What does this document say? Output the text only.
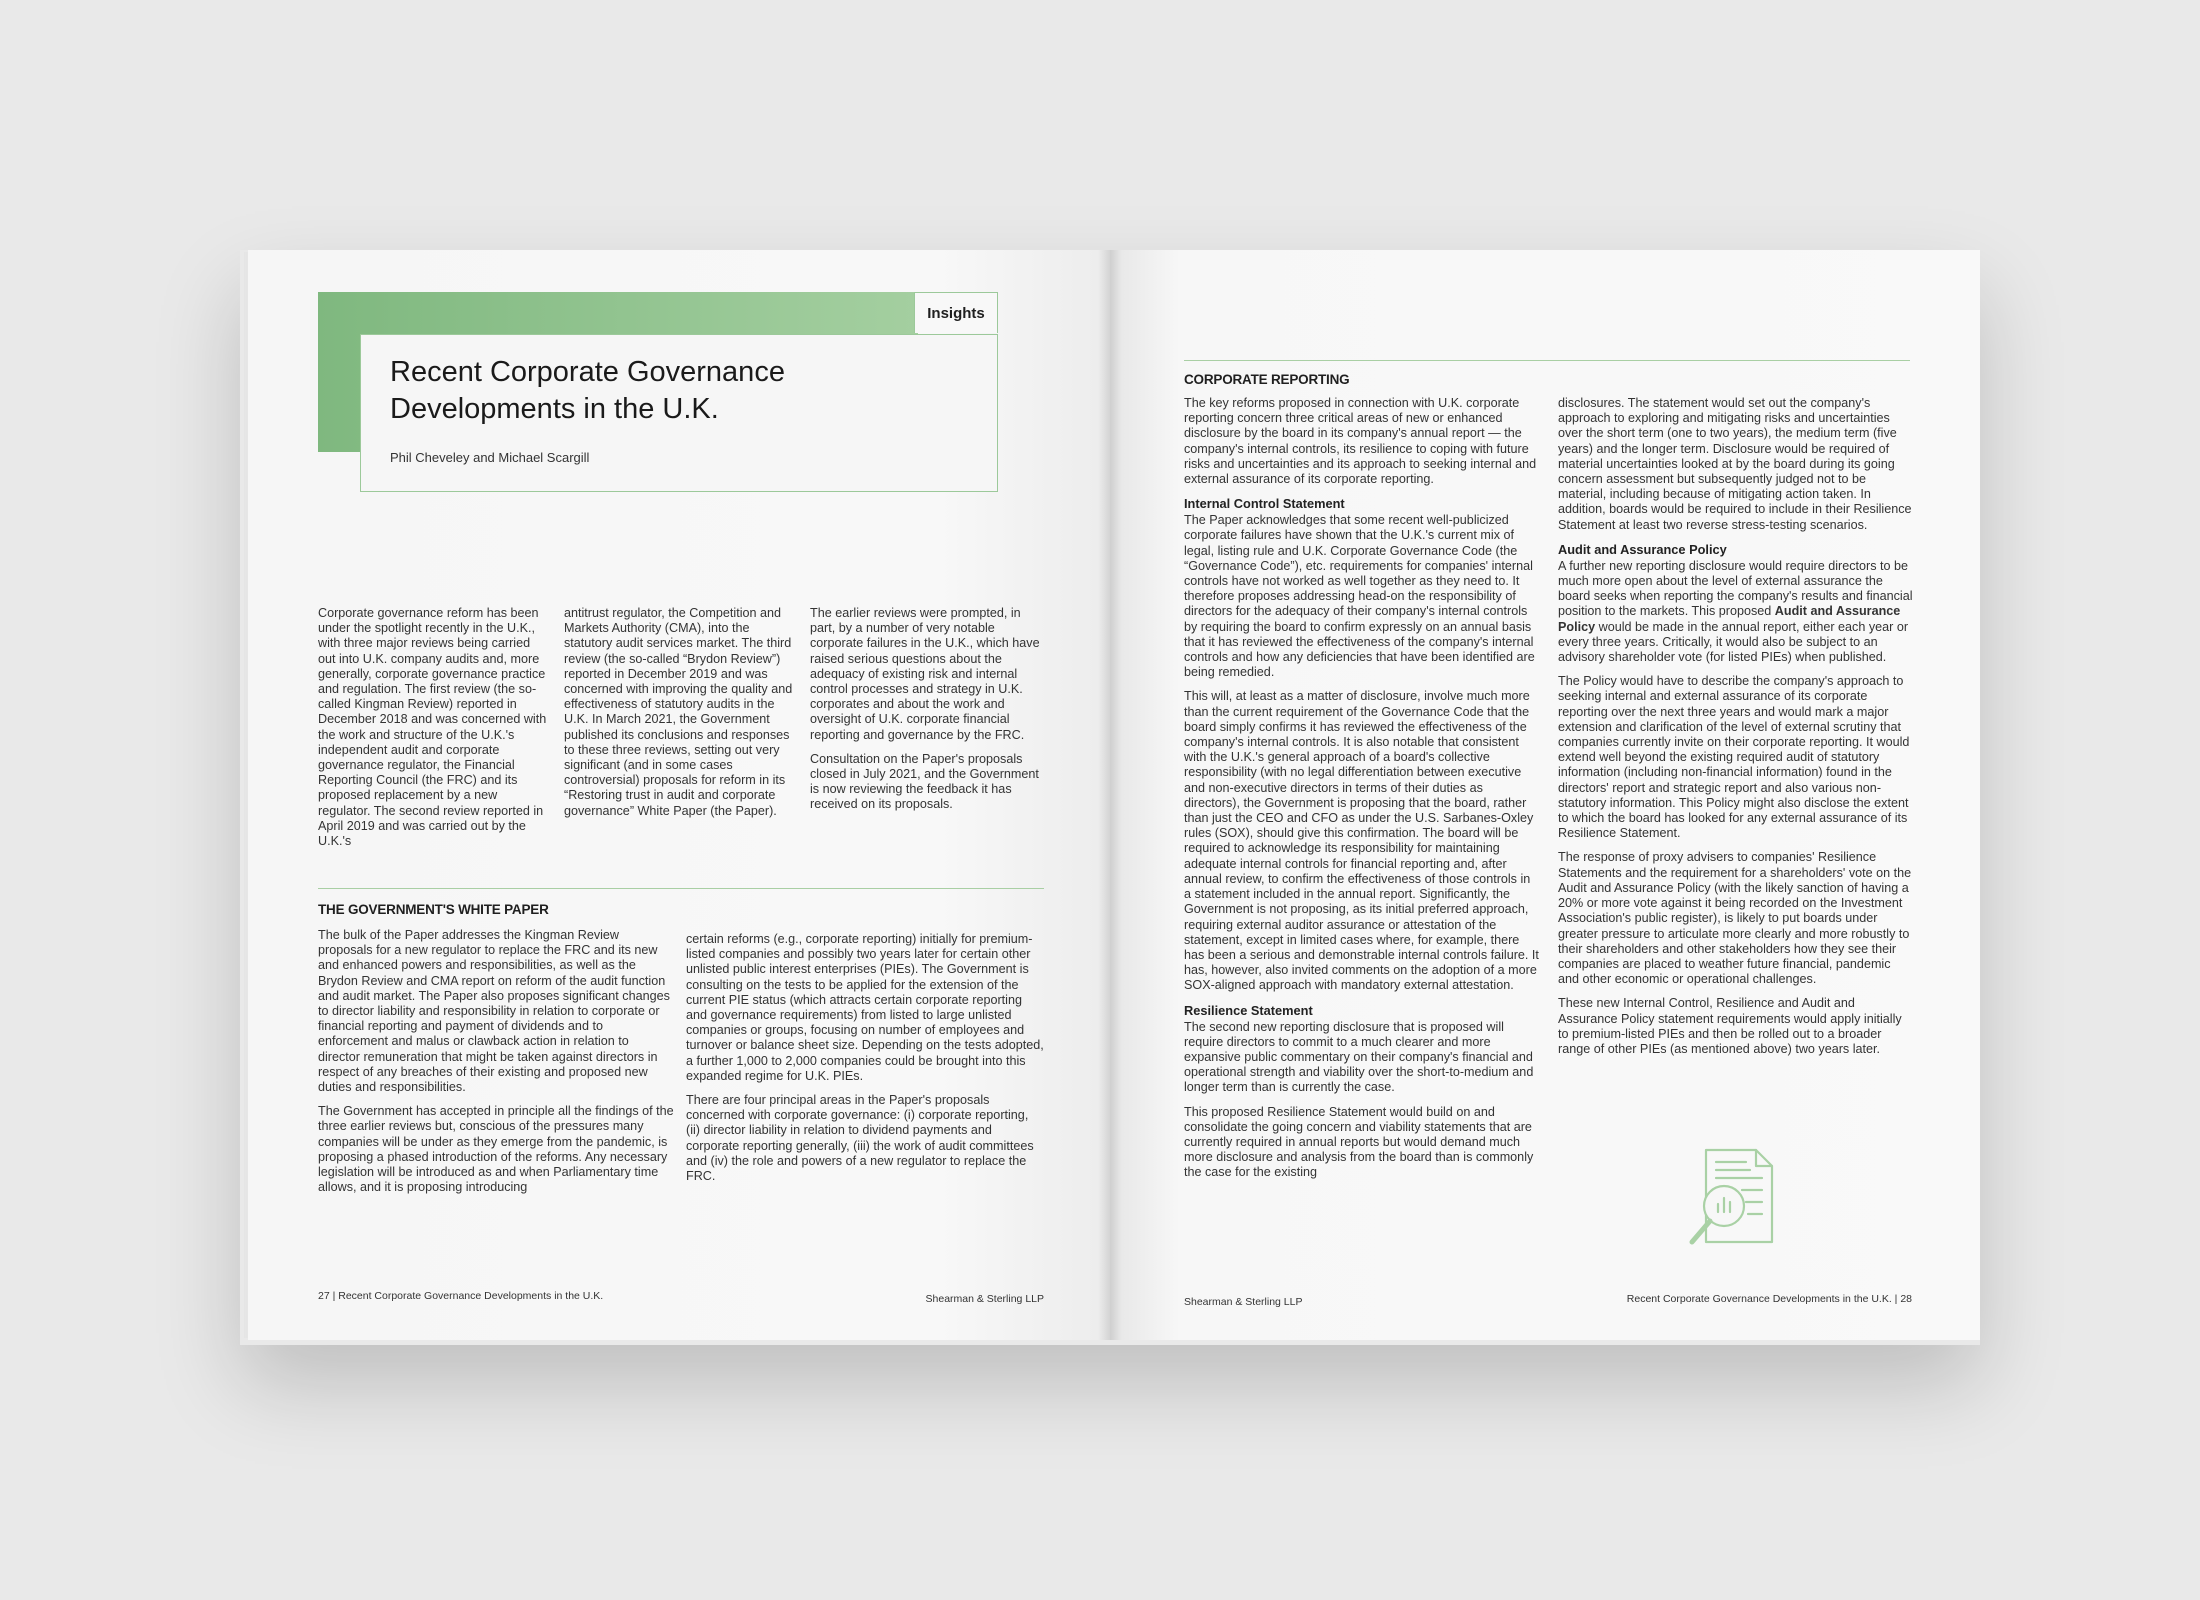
Insights
Recent Corporate Governance Developments in the U.K.
Phil Cheveley and Michael Scargill

Corporate governance reform has been under the spotlight recently in the U.K., with three major reviews being carried out into U.K. company audits and, more generally, corporate governance practice and regulation. The first review (the so-called Kingman Review) reported in December 2018 and was concerned with the work and structure of the U.K.'s independent audit and corporate governance regulator, the Financial Reporting Council (the FRC) and its proposed replacement by a new regulator. The second review reported in April 2019 and was carried out by the U.K.'s

antitrust regulator, the Competition and Markets Authority (CMA), into the statutory audit services market. The third review (the so-called “Brydon Review”) reported in December 2019 and was concerned with improving the quality and effectiveness of statutory audits in the U.K. In March 2021, the Government published its conclusions and responses to these three reviews, setting out very significant (and in some cases controversial) proposals for reform in its “Restoring trust in audit and corporate governance” White Paper (the Paper).

The earlier reviews were prompted, in part, by a number of very notable corporate failures in the U.K., which have raised serious questions about the adequacy of existing risk and internal control processes and strategy in U.K. corporates and about the work and oversight of U.K. corporate financial reporting and governance by the FRC.

Consultation on the Paper's proposals closed in July 2021, and the Government is now reviewing the feedback it has received on its proposals.

THE GOVERNMENT'S WHITE PAPER

The bulk of the Paper addresses the Kingman Review proposals for a new regulator to replace the FRC and its new and enhanced powers and responsibilities, as well as the Brydon Review and CMA report on reform of the audit function and audit market. The Paper also proposes significant changes to director liability and responsibility in relation to corporate or financial reporting and payment of dividends and to enforcement and malus or clawback action in relation to director remuneration that might be taken against directors in respect of any breaches of their existing and proposed new duties and responsibilities.

The Government has accepted in principle all the findings of the three earlier reviews but, conscious of the pressures many companies will be under as they emerge from the pandemic, is proposing a phased introduction of the reforms. Any necessary legislation will be introduced as and when Parliamentary time allows, and it is proposing introducing

certain reforms (e.g., corporate reporting) initially for premium-listed companies and possibly two years later for certain other unlisted public interest enterprises (PIEs). The Government is consulting on the tests to be applied for the extension of the current PIE status (which attracts certain corporate reporting and governance requirements) from listed to large unlisted companies or groups, focusing on number of employees and turnover or balance sheet size. Depending on the tests adopted, a further 1,000 to 2,000 companies could be brought into this expanded regime for U.K. PIEs.

There are four principal areas in the Paper's proposals concerned with corporate governance: (i) corporate reporting, (ii) director liability in relation to dividend payments and corporate reporting generally, (iii) the work of audit committees and (iv) the role and powers of a new regulator to replace the FRC.

27 | Recent Corporate Governance Developments in the U.K.	Shearman & Sterling LLP
CORPORATE REPORTING

The key reforms proposed in connection with U.K. corporate reporting concern three critical areas of new or enhanced disclosure by the board in its company's annual report — the company's internal controls, its resilience to coping with future risks and uncertainties and its approach to seeking internal and external assurance of its corporate reporting.

Internal Control Statement

The Paper acknowledges that some recent well-publicized corporate failures have shown that the U.K.'s current mix of legal, listing rule and U.K. Corporate Governance Code (the “Governance Code”), etc. requirements for companies' internal controls have not worked as well together as they need to. It therefore proposes addressing head-on the responsibility of directors for the adequacy of their company's internal controls by requiring the board to confirm expressly on an annual basis that it has reviewed the effectiveness of the company's internal controls and how any deficiencies that have been identified are being remedied.

This will, at least as a matter of disclosure, involve much more than the current requirement of the Governance Code that the board simply confirms it has reviewed the effectiveness of the company's internal controls. It is also notable that consistent with the U.K.'s general approach of a board's collective responsibility (with no legal differentiation between executive and non-executive directors in terms of their duties as directors), the Government is proposing that the board, rather than just the CEO and CFO as under the U.S. Sarbanes-Oxley rules (SOX), should give this confirmation. The board will be required to acknowledge its responsibility for maintaining adequate internal controls for financial reporting and, after annual review, to confirm the effectiveness of those controls in a statement included in the annual report. Significantly, the Government is not proposing, as its initial preferred approach, requiring external auditor assurance or attestation of the statement, except in limited cases where, for example, there has been a serious and demonstrable internal controls failure. It has, however, also invited comments on the adoption of a more SOX-aligned approach with mandatory external attestation.

Resilience Statement

The second new reporting disclosure that is proposed will require directors to commit to a much clearer and more expansive public commentary on their company's financial and operational strength and viability over the short-to-medium and longer term than is currently the case.

This proposed Resilience Statement would build on and consolidate the going concern and viability statements that are currently required in annual reports but would demand much more disclosure and analysis from the board than is commonly the case for the existing

disclosures. The statement would set out the company's approach to exploring and mitigating risks and uncertainties over the short term (one to two years), the medium term (five years) and the longer term. Disclosure would be required of material uncertainties looked at by the board during its going concern assessment but subsequently judged not to be material, including because of mitigating action taken. In addition, boards would be required to include in their Resilience Statement at least two reverse stress-testing scenarios.

Audit and Assurance Policy

A further new reporting disclosure would require directors to be much more open about the level of external assurance the board seeks when reporting the company's results and financial position to the markets. This proposed Audit and Assurance Policy would be made in the annual report, either each year or every three years. Critically, it would also be subject to an advisory shareholder vote (for listed PIEs) when published.

The Policy would have to describe the company's approach to seeking internal and external assurance of its corporate reporting over the next three years and would mark a major extension and clarification of the level of external scrutiny that companies currently invite on their corporate reporting. It would extend well beyond the existing required audit of statutory information (including non-financial information) found in the directors' report and strategic report and also various non-statutory information. This Policy might also disclose the extent to which the board has looked for any external assurance of its Resilience Statement.

The response of proxy advisers to companies' Resilience Statements and the requirement for a shareholders' vote on the Audit and Assurance Policy (with the likely sanction of having a 20% or more vote against it being recorded on the Investment Association's public register), is likely to put boards under greater pressure to articulate more clearly and more robustly to their shareholders and other stakeholders how they see their companies are placed to weather future financial, pandemic and other economic or operational challenges.

These new Internal Control, Resilience and Audit and Assurance Policy statement requirements would apply initially to premium-listed PIEs and then be rolled out to a broader range of other PIEs (as mentioned above) two years later.

Shearman & Sterling LLP	Recent Corporate Governance Developments in the U.K. | 28
